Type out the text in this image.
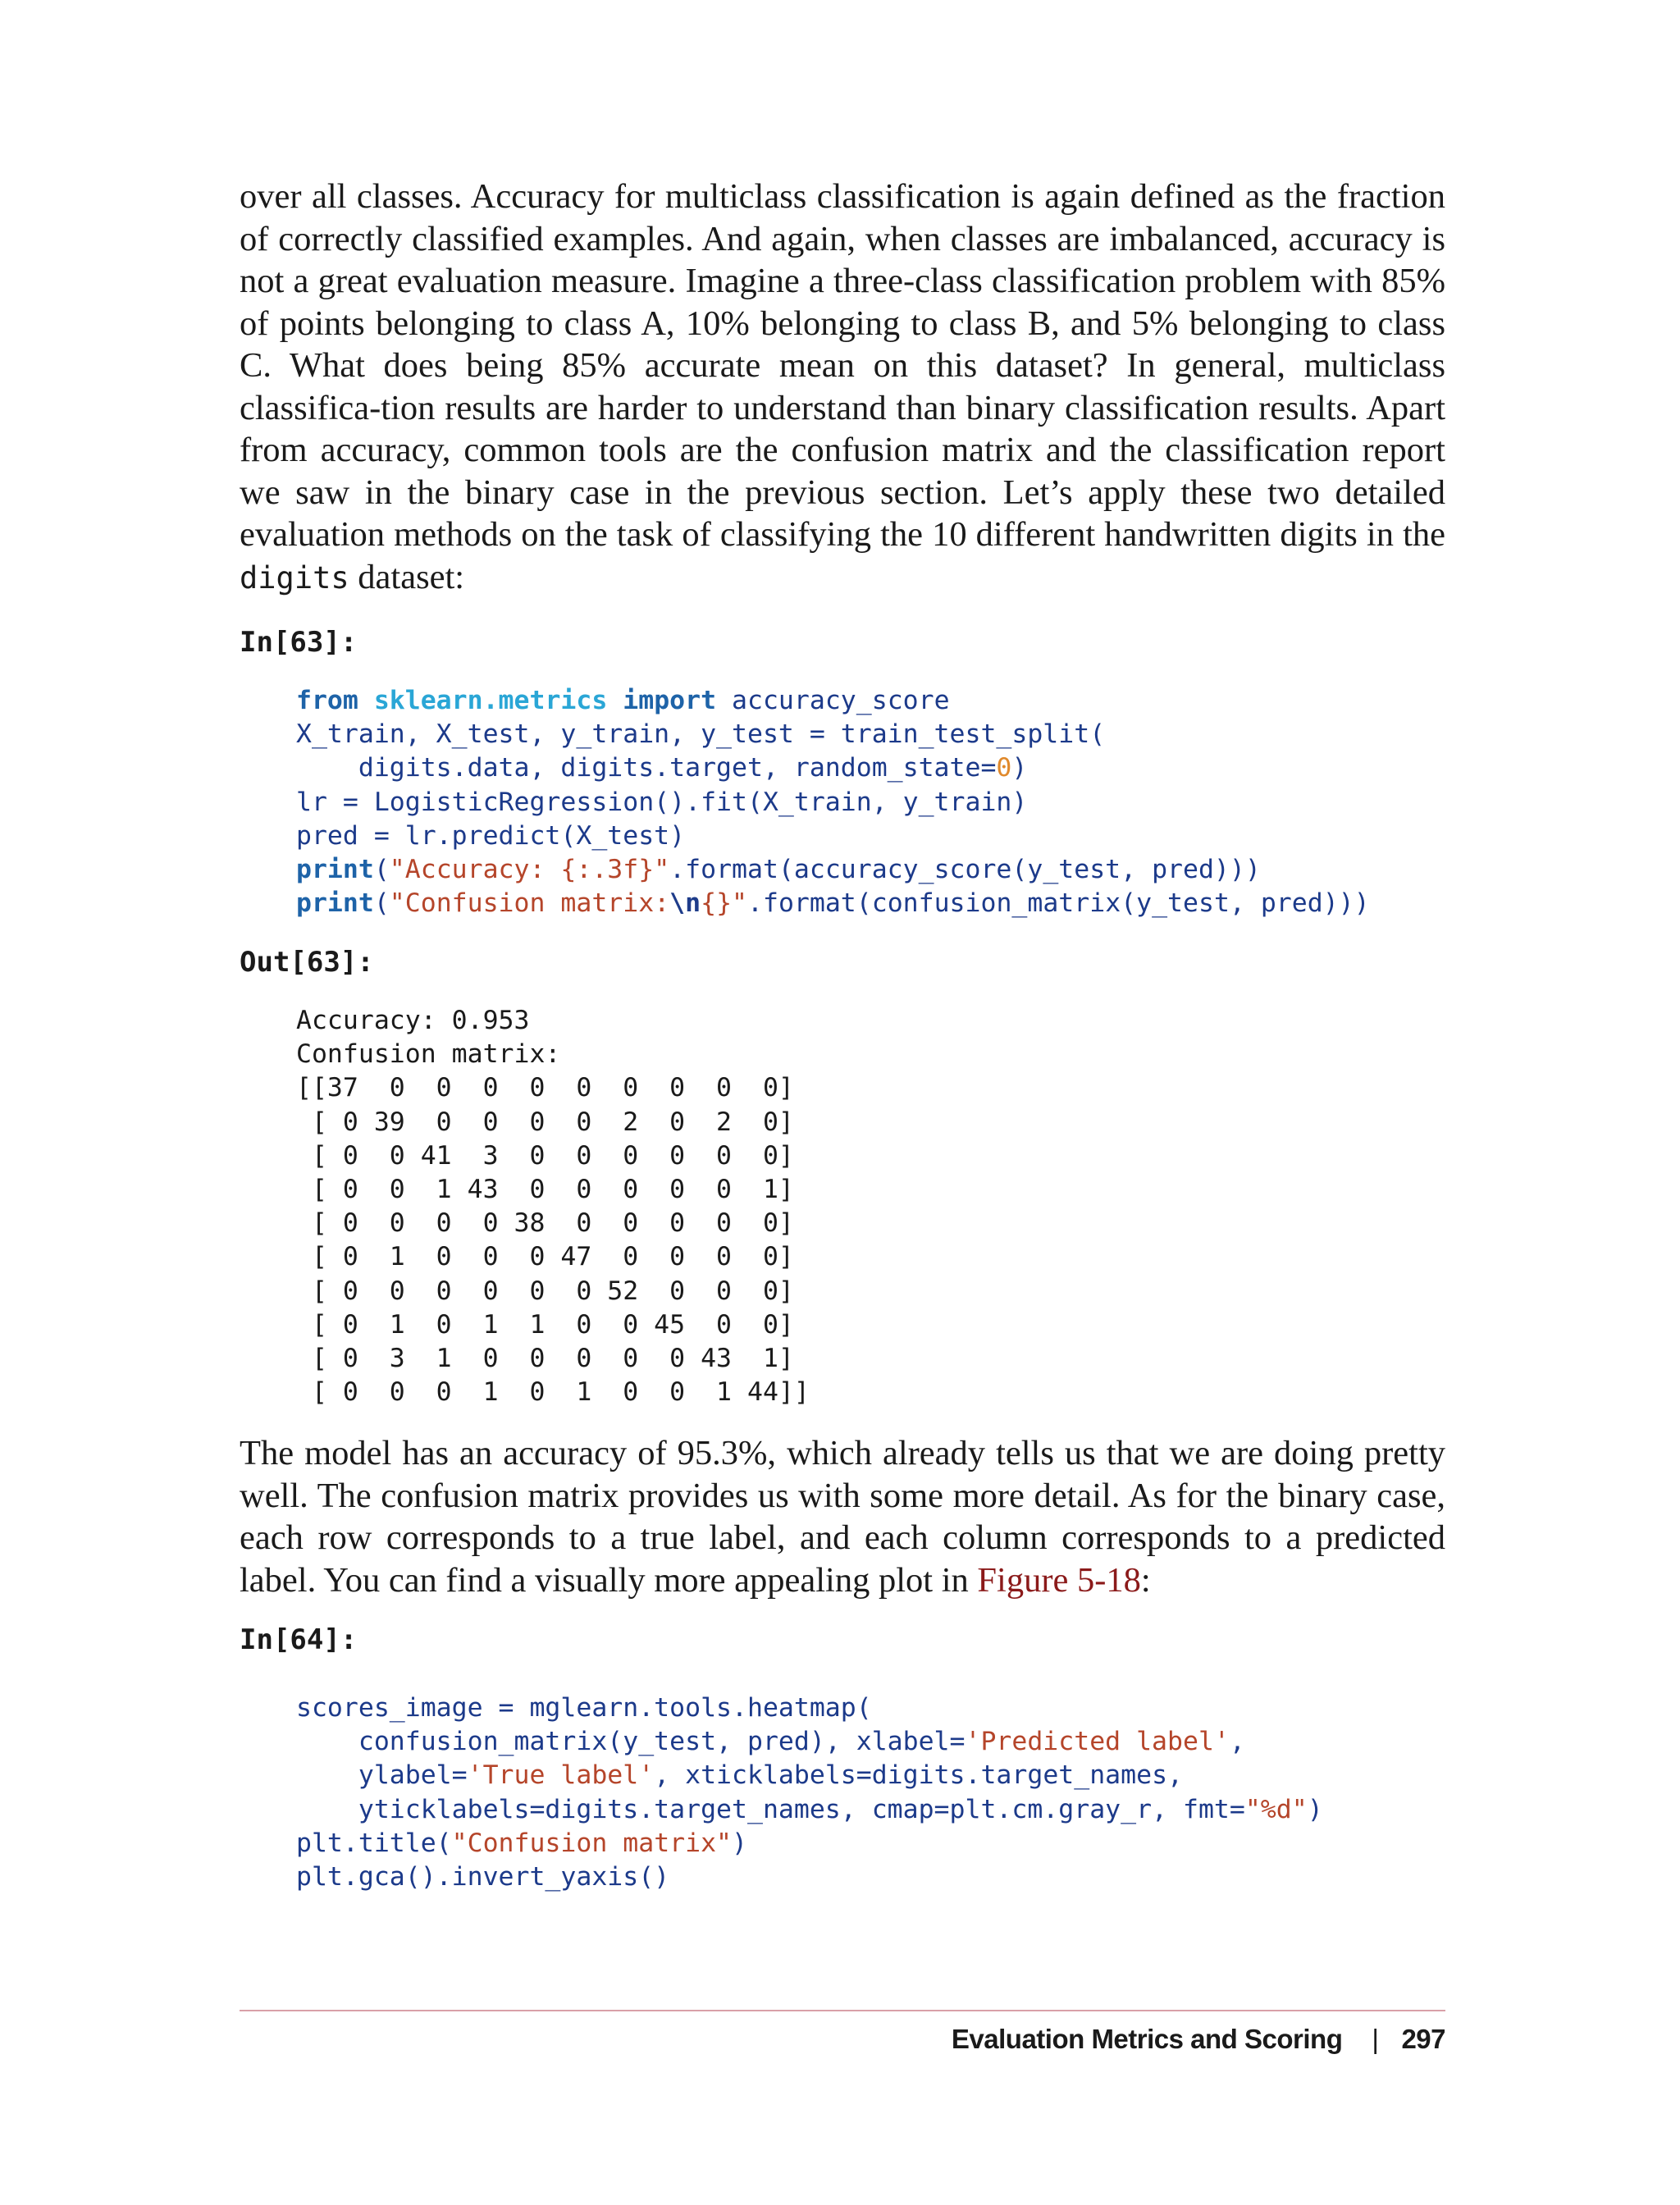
over all classes. Accuracy for multiclass classification is again defined as the fraction of correctly classified examples. And again, when classes are imbalanced, accuracy is not a great evaluation measure. Imagine a three-class classification problem with 85% of points belonging to class A, 10% belonging to class B, and 5% belonging to class C. What does being 85% accurate mean on this dataset? In general, multiclass classifica-tion results are harder to understand than binary classification results. Apart from accuracy, common tools are the confusion matrix and the classification report we saw in the binary case in the previous section. Let’s apply these two detailed evaluation methods on the task of classifying the 10 different handwritten digits in the digits dataset:

In[63]:
from sklearn.metrics import accuracy_score
X_train, X_test, y_train, y_test = train_test_split(
digits.data, digits.target, random_state=0)
lr = LogisticRegression().fit(X_train, y_train)
pred = lr.predict(X_test)
print("Accuracy: {:.3f}".format(accuracy_score(y_test, pred)))
print("Confusion matrix:\n{}".format(confusion_matrix(y_test, pred)))
Out[63]:
Accuracy: 0.953
Confusion matrix:
[[37  0  0  0  0  0  0  0  0  0]
[ 0 39  0  0  0  0  2  0  2  0]
[ 0  0 41  3  0  0  0  0  0  0]
[ 0  0  1 43  0  0  0  0  0  1]
[ 0  0  0  0 38  0  0  0  0  0]
[ 0  1  0  0  0 47  0  0  0  0]
[ 0  0  0  0  0  0 52  0  0  0]
[ 0  1  0  1  1  0  0 45  0  0]
[ 0  3  1  0  0  0  0  0 43  1]
[ 0  0  0  1  0  1  0  0  1 44]]

The model has an accuracy of 95.3%, which already tells us that we are doing pretty well. The confusion matrix provides us with some more detail. As for the binary case, each row corresponds to a true label, and each column corresponds to a predicted label. You can find a visually more appealing plot in Figure 5-18:

In[64]:
scores_image = mglearn.tools.heatmap(
confusion_matrix(y_test, pred), xlabel='Predicted label',
ylabel='True label', xticklabels=digits.target_names,
yticklabels=digits.target_names, cmap=plt.cm.gray_r, fmt="%d")
plt.title("Confusion matrix")
plt.gca().invert_yaxis()
Evaluation Metrics and Scoring | 297
